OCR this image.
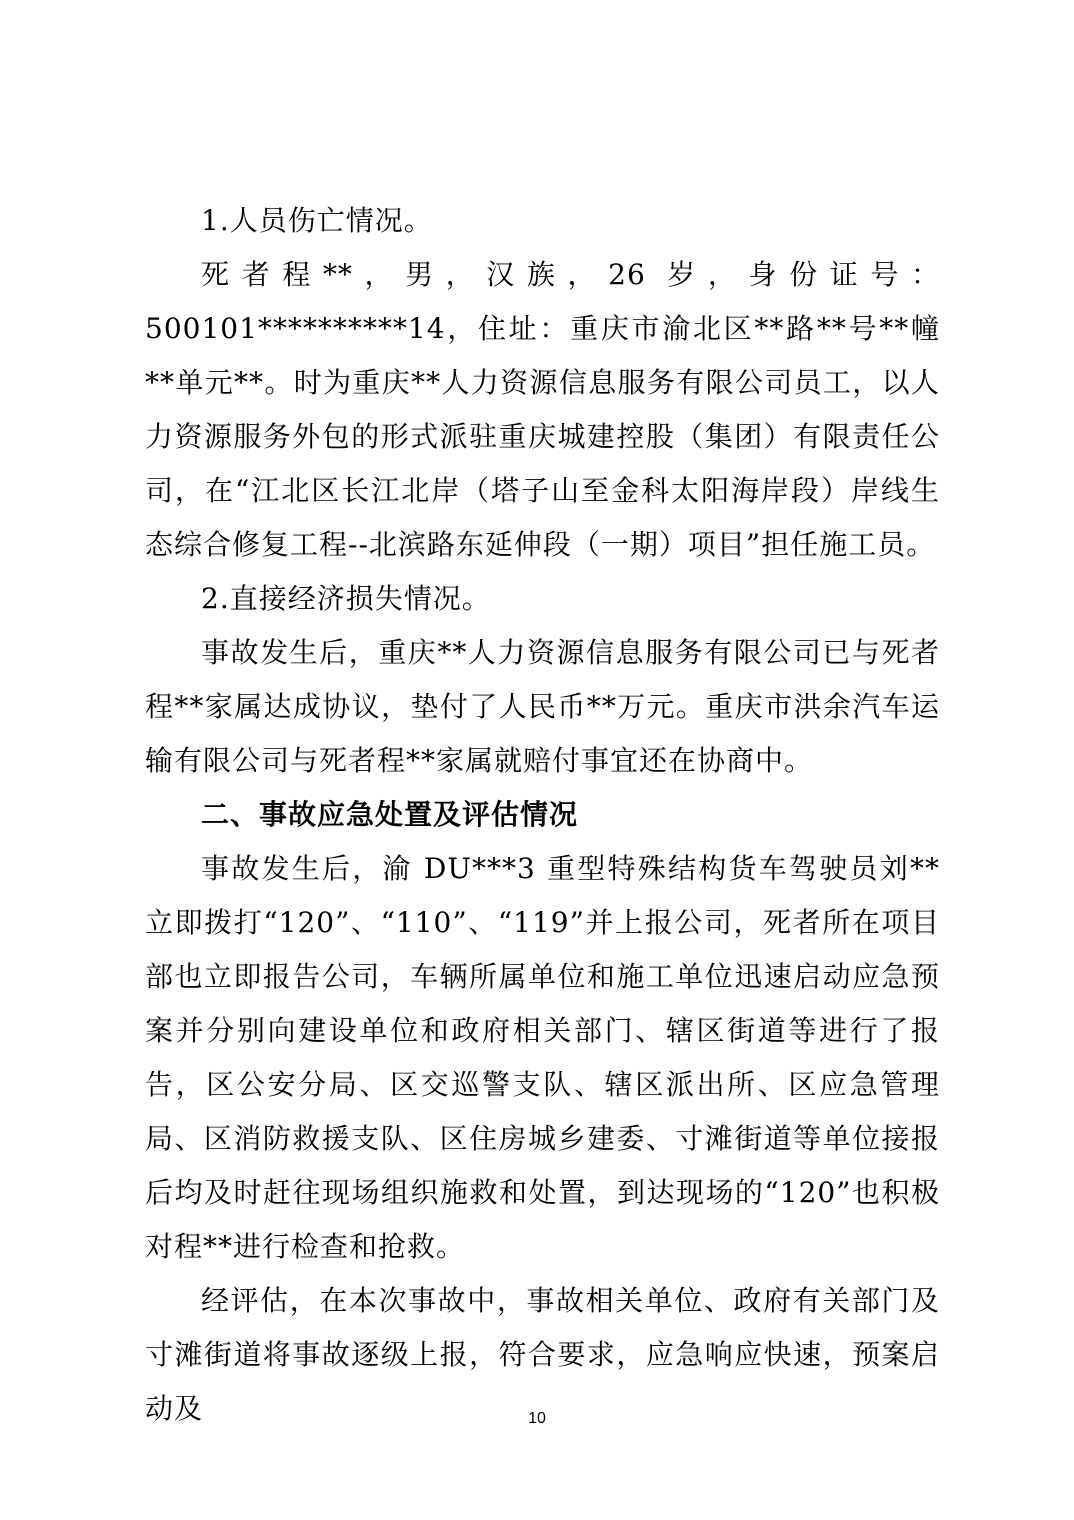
1.人员伤亡情况。

死者程**，男，汉族，26 岁，身份证号：500101**********14，住址：重庆市渝北区**路**号**幢**单元**。时为重庆**人力资源信息服务有限公司员工，以人力资源服务外包的形式派驻重庆城建控股（集团）有限责任公司，在“江北区长江北岸（塔子山至金科太阳海岸段）岸线生态综合修复工程--北滨路东延伸段（一期）项目”担任施工员。

2.直接经济损失情况。

事故发生后，重庆**人力资源信息服务有限公司已与死者程**家属达成协议，垫付了人民币**万元。重庆市洪余汽车运输有限公司与死者程**家属就赔付事宜还在协商中。

二、事故应急处置及评估情况

事故发生后，渝 DU***3 重型特殊结构货车驾驶员刘**立即拨打“120”、“110”、“119”并上报公司，死者所在项目部也立即报告公司，车辆所属单位和施工单位迅速启动应急预案并分别向建设单位和政府相关部门、辖区街道等进行了报告，区公安分局、区交巡警支队、辖区派出所、区应急管理局、区消防救援支队、区住房城乡建委、寸滩街道等单位接报后均及时赶往现场组织施救和处置，到达现场的“120”也积极对程**进行检查和抢救。

经评估，在本次事故中，事故相关单位、政府有关部门及寸滩街道将事故逐级上报，符合要求，应急响应快速，预案启动及	10
